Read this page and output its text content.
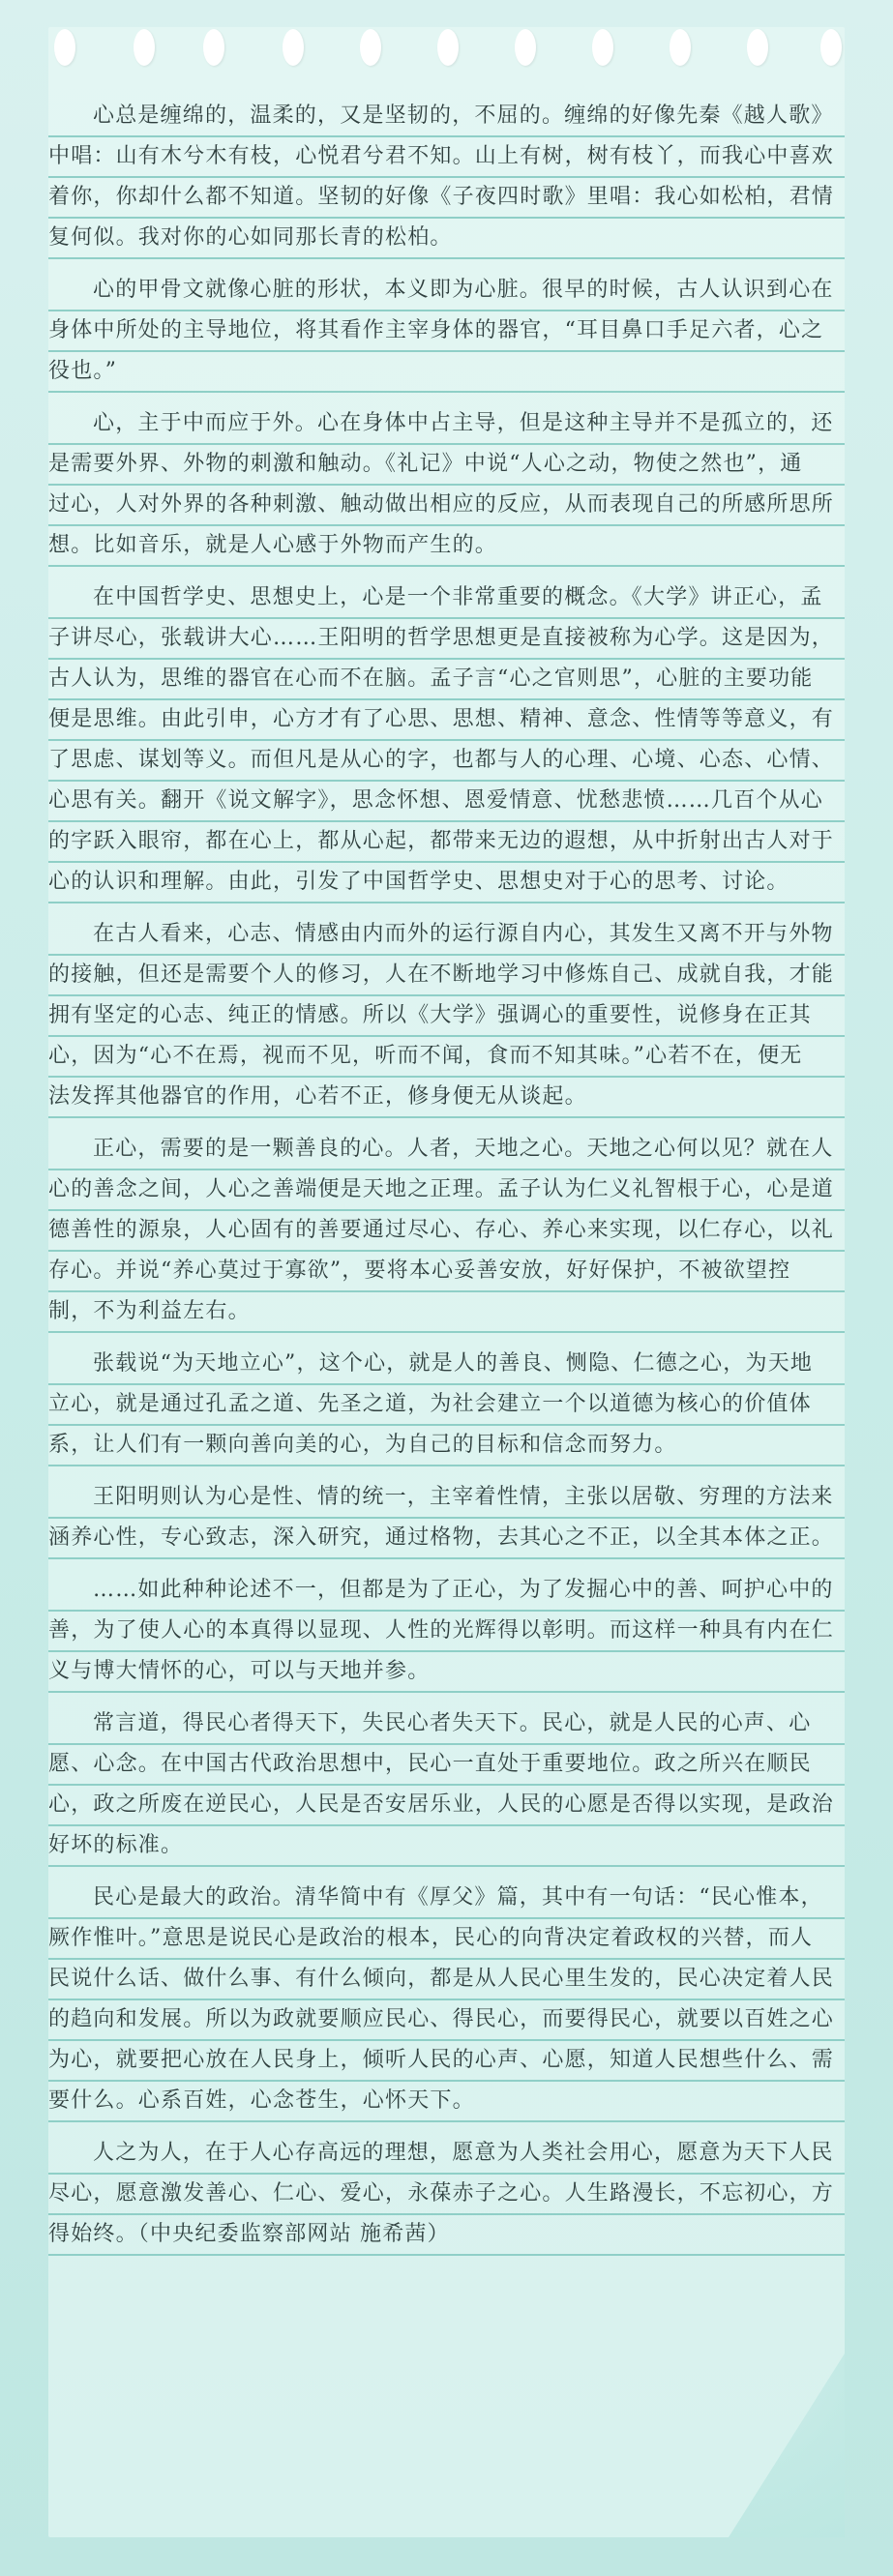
心总是缠绵的，温柔的，又是坚韧的，不屈的。缠绵的好像先秦《越人歌》
中唱：山有木兮木有枝，心悦君兮君不知。山上有树，树有枝丫，而我心中喜欢
着你，你却什么都不知道。坚韧的好像《子夜四时歌》里唱：我心如松柏，君情
复何似。我对你的心如同那长青的松柏。
心的甲骨文就像心脏的形状，本义即为心脏。很早的时候，古人认识到心在
身体中所处的主导地位，将其看作主宰身体的器官，“耳目鼻口手足六者，心之
役也。”
心，主于中而应于外。心在身体中占主导，但是这种主导并不是孤立的，还
是需要外界、外物的刺激和触动。《礼记》中说“人心之动，物使之然也”，通
过心，人对外界的各种刺激、触动做出相应的反应，从而表现自己的所感所思所
想。比如音乐，就是人心感于外物而产生的。
在中国哲学史、思想史上，心是一个非常重要的概念。《大学》讲正心，孟
子讲尽心，张载讲大心……王阳明的哲学思想更是直接被称为心学。这是因为，
古人认为，思维的器官在心而不在脑。孟子言“心之官则思”，心脏的主要功能
便是思维。由此引申，心方才有了心思、思想、精神、意念、性情等等意义，有
了思虑、谋划等义。而但凡是从心的字，也都与人的心理、心境、心态、心情、
心思有关。翻开《说文解字》，思念怀想、恩爱情意、忧愁悲愤……几百个从心
的字跃入眼帘，都在心上，都从心起，都带来无边的遐想，从中折射出古人对于
心的认识和理解。由此，引发了中国哲学史、思想史对于心的思考、讨论。
在古人看来，心志、情感由内而外的运行源自内心，其发生又离不开与外物
的接触，但还是需要个人的修习，人在不断地学习中修炼自己、成就自我，才能
拥有坚定的心志、纯正的情感。所以《大学》强调心的重要性，说修身在正其
心，因为“心不在焉，视而不见，听而不闻，食而不知其味。”心若不在，便无
法发挥其他器官的作用，心若不正，修身便无从谈起。
正心，需要的是一颗善良的心。人者，天地之心。天地之心何以见？就在人
心的善念之间，人心之善端便是天地之正理。孟子认为仁义礼智根于心，心是道
德善性的源泉，人心固有的善要通过尽心、存心、养心来实现，以仁存心，以礼
存心。并说“养心莫过于寡欲”，要将本心妥善安放，好好保护，不被欲望控
制，不为利益左右。
张载说“为天地立心”，这个心，就是人的善良、恻隐、仁德之心，为天地
立心，就是通过孔孟之道、先圣之道，为社会建立一个以道德为核心的价值体
系，让人们有一颗向善向美的心，为自己的目标和信念而努力。
王阳明则认为心是性、情的统一，主宰着性情，主张以居敬、穷理的方法来
涵养心性，专心致志，深入研究，通过格物，去其心之不正，以全其本体之正。
……如此种种论述不一，但都是为了正心，为了发掘心中的善、呵护心中的
善，为了使人心的本真得以显现、人性的光辉得以彰明。而这样一种具有内在仁
义与博大情怀的心，可以与天地并参。
常言道，得民心者得天下，失民心者失天下。民心，就是人民的心声、心
愿、心念。在中国古代政治思想中，民心一直处于重要地位。政之所兴在顺民
心，政之所废在逆民心，人民是否安居乐业，人民的心愿是否得以实现，是政治
好坏的标准。
民心是最大的政治。清华简中有《厚父》篇，其中有一句话：“民心惟本，
厥作惟叶。”意思是说民心是政治的根本，民心的向背决定着政权的兴替，而人
民说什么话、做什么事、有什么倾向，都是从人民心里生发的，民心决定着人民
的趋向和发展。所以为政就要顺应民心、得民心，而要得民心，就要以百姓之心
为心，就要把心放在人民身上，倾听人民的心声、心愿，知道人民想些什么、需
要什么。心系百姓，心念苍生，心怀天下。
人之为人，在于人心存高远的理想，愿意为人类社会用心，愿意为天下人民
尽心，愿意激发善心、仁心、爱心，永葆赤子之心。人生路漫长，不忘初心，方
得始终。（中央纪委监察部网站 施希茜）
